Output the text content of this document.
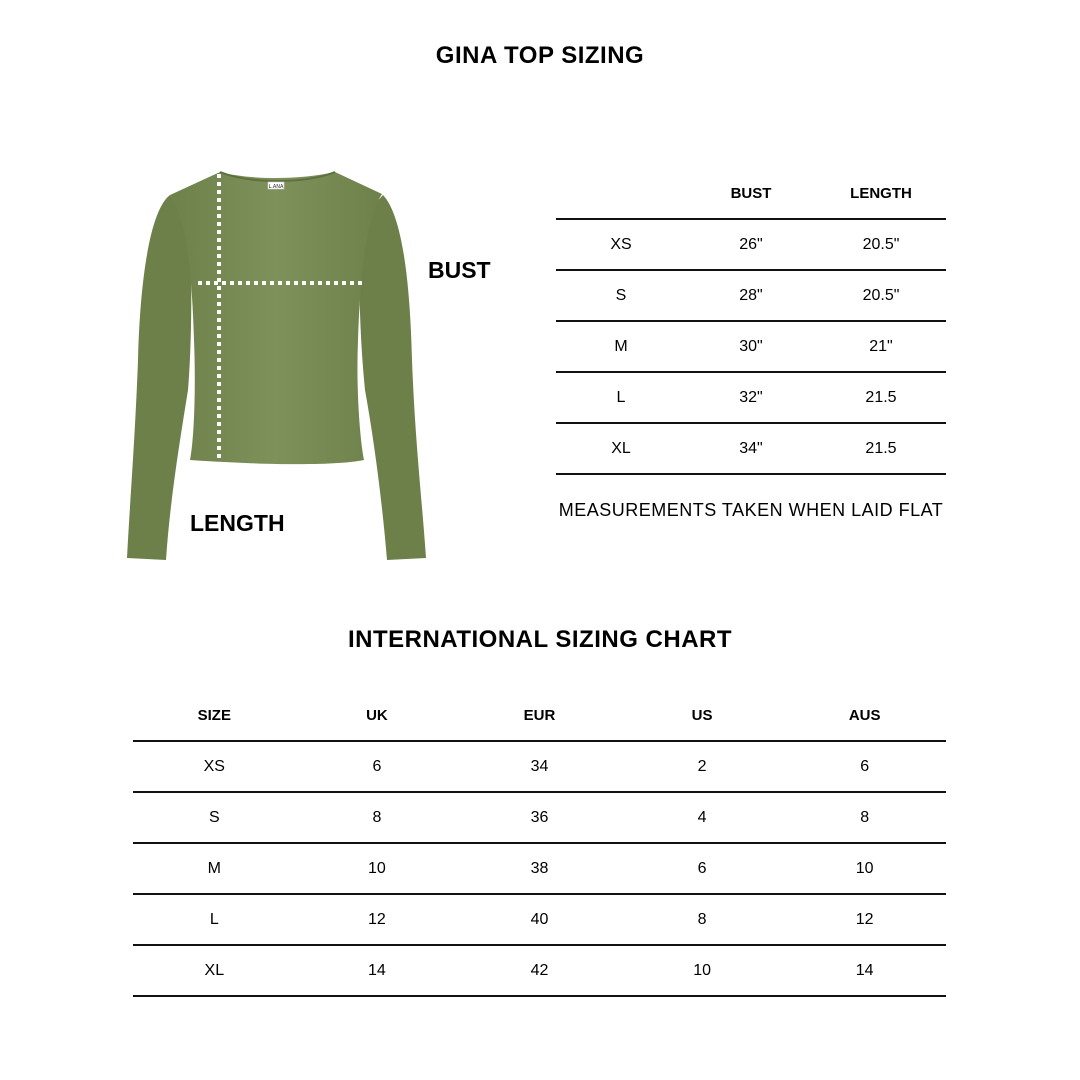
GINA TOP SIZING
L.ANA
BUST
LENGTH
	BUST	LENGTH
XS	26"	20.5"
S	28"	20.5"
M	30"	21"
L	32"	21.5
XL	34"	21.5
MEASUREMENTS TAKEN WHEN LAID FLAT
INTERNATIONAL SIZING CHART
SIZE	UK	EUR	US	AUS
XS	6	34	2	6
S	8	36	4	8
M	10	38	6	10
L	12	40	8	12
XL	14	42	10	14
